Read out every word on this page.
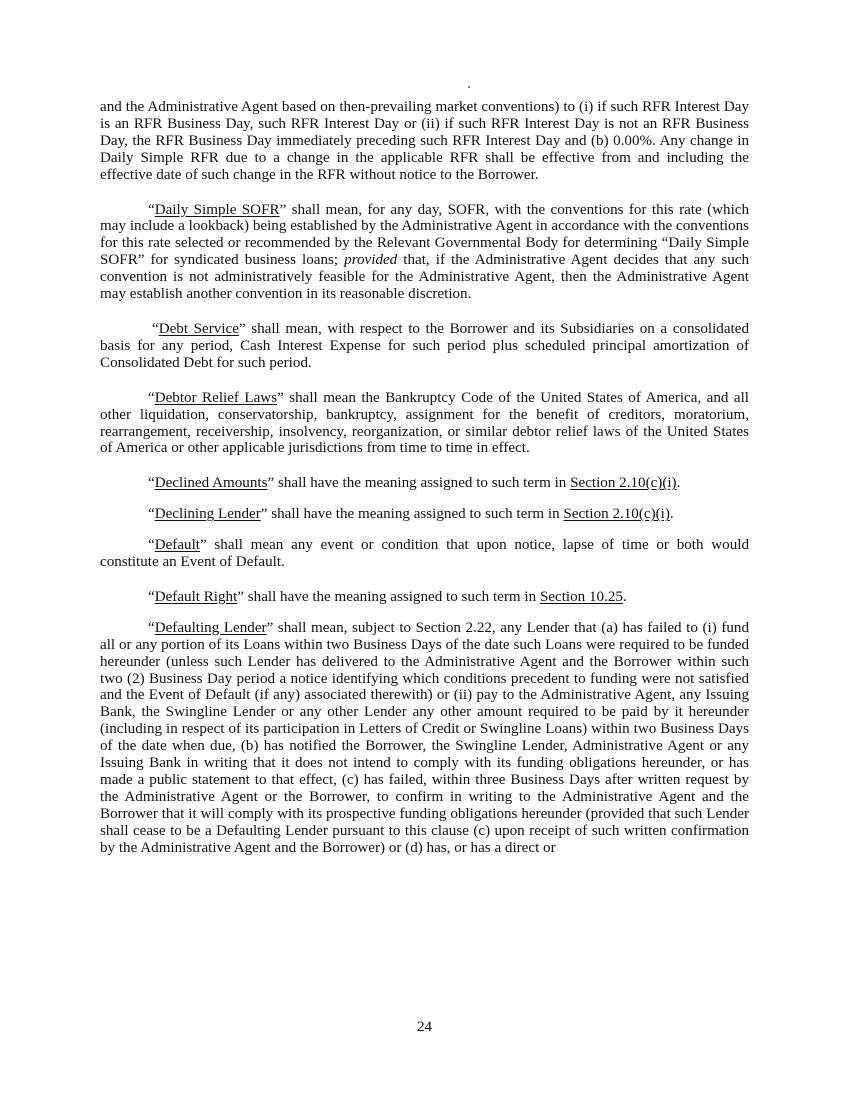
and the Administrative Agent based on then-prevailing market conventions) to (i) if such RFR Interest Day is an RFR Business Day, such RFR Interest Day or (ii) if such RFR Interest Day is not an RFR Business Day, the RFR Business Day immediately preceding such RFR Interest Day and (b) 0.00%. Any change in Daily Simple RFR due to a change in the applicable RFR shall be effective from and including the effective date of such change in the RFR without notice to the Borrower.

“Daily Simple SOFR” shall mean, for any day, SOFR, with the conventions for this rate (which may include a lookback) being established by the Administrative Agent in accordance with the conventions for this rate selected or recommended by the Relevant Governmental Body for determining “Daily Simple SOFR” for syndicated business loans; provided that, if the Administrative Agent decides that any such convention is not administratively feasible for the Administrative Agent, then the Administrative Agent may establish another convention in its reasonable discretion.

“Debt Service” shall mean, with respect to the Borrower and its Subsidiaries on a consolidated basis for any period, Cash Interest Expense for such period plus scheduled principal amortization of Consolidated Debt for such period.

“Debtor Relief Laws” shall mean the Bankruptcy Code of the United States of America, and all other liquidation, conservatorship, bankruptcy, assignment for the benefit of creditors, moratorium, rearrangement, receivership, insolvency, reorganization, or similar debtor relief laws of the United States of America or other applicable jurisdictions from time to time in effect.

“Declined Amounts” shall have the meaning assigned to such term in Section 2.10(c)(i).

“Declining Lender” shall have the meaning assigned to such term in Section 2.10(c)(i).

“Default” shall mean any event or condition that upon notice, lapse of time or both would constitute an Event of Default.

“Default Right” shall have the meaning assigned to such term in Section 10.25.

“Defaulting Lender” shall mean, subject to Section 2.22, any Lender that (a) has failed to (i) fund all or any portion of its Loans within two Business Days of the date such Loans were required to be funded hereunder (unless such Lender has delivered to the Administrative Agent and the Borrower within such two (2) Business Day period a notice identifying which conditions precedent to funding were not satisfied and the Event of Default (if any) associated therewith) or (ii) pay to the Administrative Agent, any Issuing Bank, the Swingline Lender or any other Lender any other amount required to be paid by it hereunder (including in respect of its participation in Letters of Credit or Swingline Loans) within two Business Days of the date when due, (b) has notified the Borrower, the Swingline Lender, Administrative Agent or any Issuing Bank in writing that it does not intend to comply with its funding obligations hereunder, or has made a public statement to that effect, (c) has failed, within three Business Days after written request by the Administrative Agent or the Borrower, to confirm in writing to the Administrative Agent and the Borrower that it will comply with its prospective funding obligations hereunder (provided that such Lender shall cease to be a Defaulting Lender pursuant to this clause (c) upon receipt of such written confirmation by the Administrative Agent and the Borrower) or (d) has, or has a direct or

24
